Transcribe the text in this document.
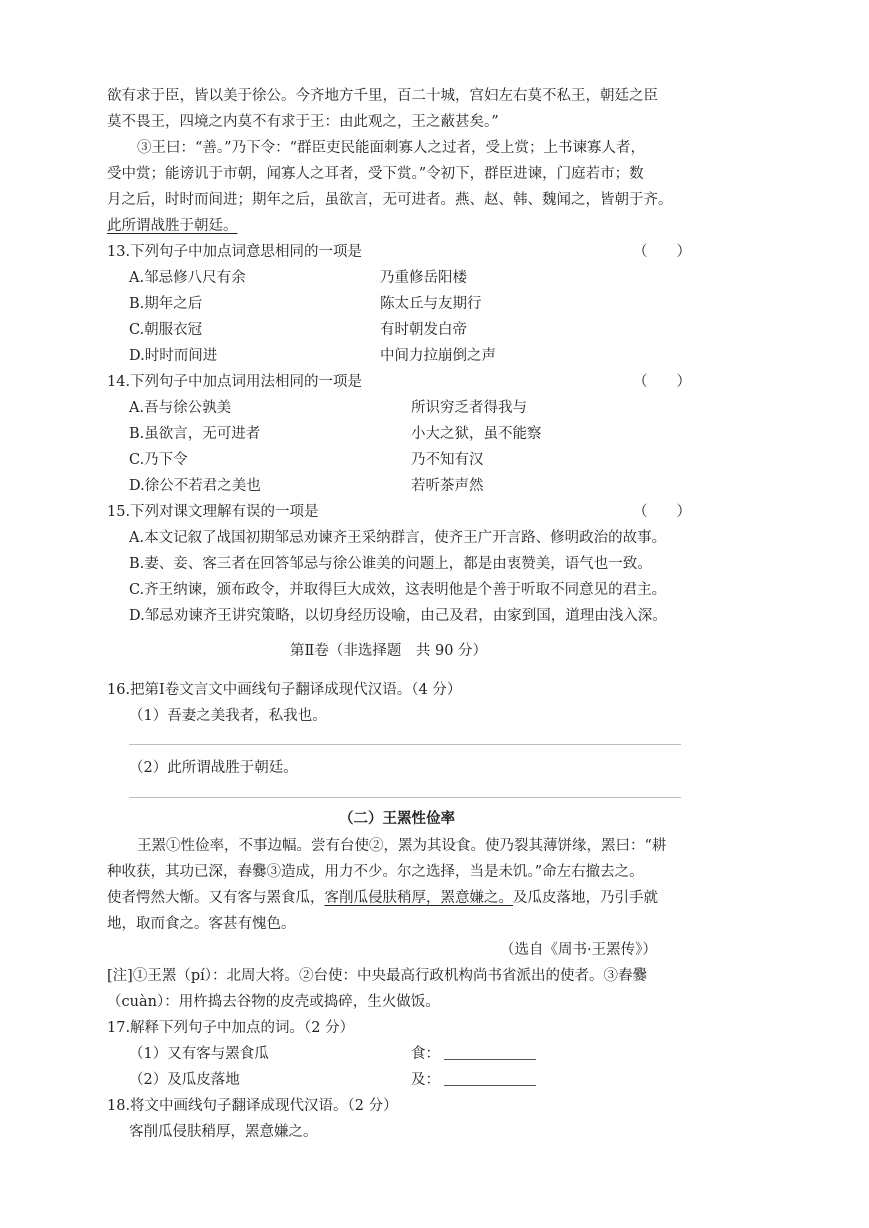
欲有求于臣，皆以美于徐公。今齐地方千里，百二十城，宫妇左右莫不私王，朝廷之臣
莫不畏王，四境之内莫不有求于王：由此观之，王之蔽甚矣。”
③王曰：“善。”乃下令：“群臣吏民能面刺寡人之过者，受上赏；上书谏寡人者，
受中赏；能谤讥于市朝，闻寡人之耳者，受下赏。”令初下，群臣进谏，门庭若市；数
月之后，时时而间进；期年之后，虽欲言，无可进者。燕、赵、韩、魏闻之，皆朝于齐。
此所谓战胜于朝廷。
13.下列句子中加点词意思相同的一项是	（　　）
A.邹忌修八尺有余	乃重修岳阳楼
B.期年之后	陈太丘与友期行
C.朝服衣冠	有时朝发白帝
D.时时而间进	中间力拉崩倒之声
14.下列句子中加点词用法相同的一项是	（　　）
A.吾与徐公孰美	所识穷乏者得我与
B.虽欲言，无可进者	小大之狱，虽不能察
C.乃下令	乃不知有汉
D.徐公不若君之美也	若听茶声然
15.下列对课文理解有误的一项是	（　　）
A.本文记叙了战国初期邹忌劝谏齐王采纳群言，使齐王广开言路、修明政治的故事。
B.妻、妾、客三者在回答邹忌与徐公谁美的问题上，都是由衷赞美，语气也一致。
C.齐王纳谏，颁布政令，并取得巨大成效，这表明他是个善于听取不同意见的君主。
D.邹忌劝谏齐王讲究策略，以切身经历设喻，由己及君，由家到国，道理由浅入深。
第Ⅱ卷（非选择题　共 90 分）
16.把第Ⅰ卷文言文中画线句子翻译成现代汉语。（4 分）
（1）吾妻之美我者，私我也。
（2）此所谓战胜于朝廷。
（二）王罴性俭率
王罴①性俭率，不事边幅。尝有台使②，罴为其设食。使乃裂其薄饼缘，罴曰：“耕
种收获，其功已深，舂爨③造成，用力不少。尔之选择，当是未饥。”命左右撤去之。
使者愕然大惭。又有客与罴食瓜，客削瓜侵肤稍厚，罴意嫌之。及瓜皮落地，乃引手就
地，取而食之。客甚有愧色。
（选自《周书·王罴传》）
[注]①王罴（pí）：北周大将。②台使：中央最高行政机构尚书省派出的使者。③舂爨
（cuàn）：用杵捣去谷物的皮壳或捣碎，生火做饭。
17.解释下列句子中加点的词。（2 分）
（1）又有客与罴食瓜	食：
（2）及瓜皮落地	及：
18.将文中画线句子翻译成现代汉语。（2 分）
客削瓜侵肤稍厚，罴意嫌之。
